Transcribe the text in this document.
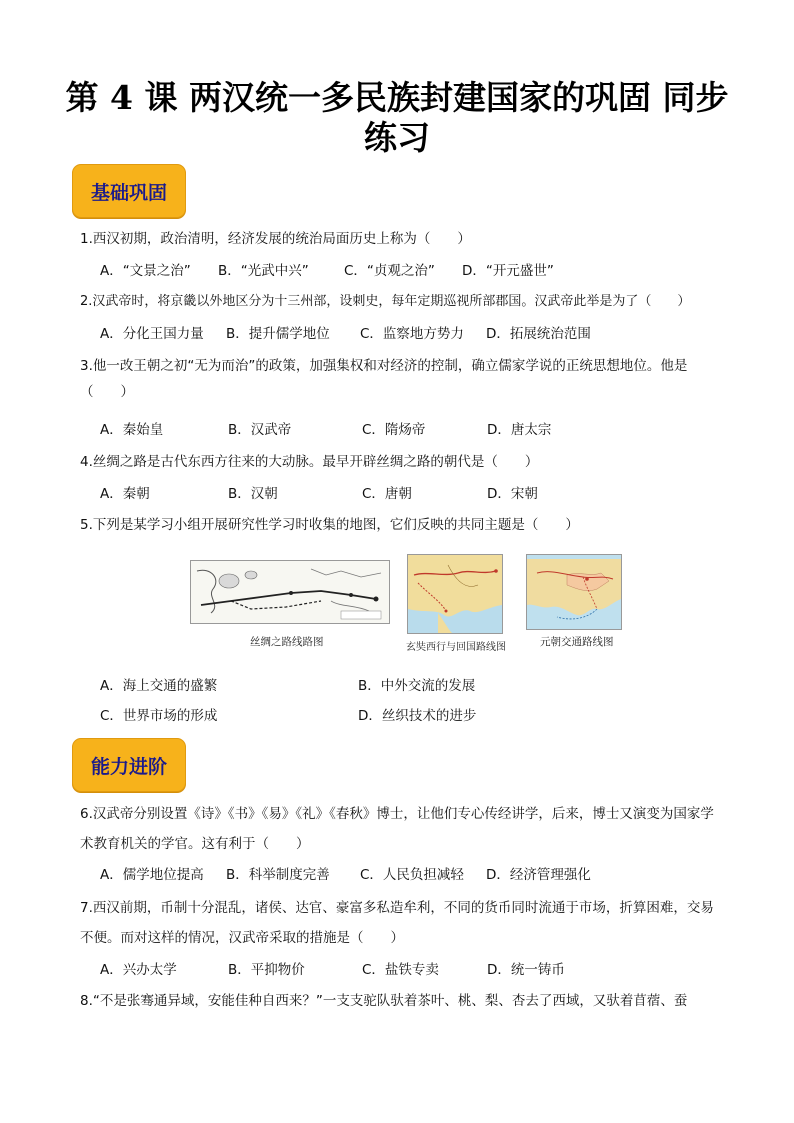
第 4 课 两汉统一多民族封建国家的巩固 同步
练习
基础巩固
1.西汉初期，政治清明，经济发展的统治局面历史上称为（　　）
A．“文景之治” B．“光武中兴”	C．“贞观之治” D．“开元盛世”
2.汉武帝时，将京畿以外地区分为十三州部，设刺史，每年定期巡视所部郡国。汉武帝此举是为了（　　）
A．分化王国力量 B．提升儒学地位 C．监察地方势力 D．拓展统治范围
3.他一改王朝之初“无为而治”的政策，加强集权和对经济的控制，确立儒家学说的正统思想地位。他是（　　）
A．秦始皇	B．汉武帝	C．隋炀帝	D．唐太宗
4.丝绸之路是古代东西方往来的大动脉。最早开辟丝绸之路的朝代是（　　）
A．秦朝	B．汉朝	C．唐朝	D．宋朝
5.下列是某学习小组开展研究性学习时收集的地图，它们反映的共同主题是（　　）
丝绸之路线路图	玄奘西行与回国路线图	元朝交通路线图
A．海上交通的盛繁	B．中外交流的发展
C．世界市场的形成	D．丝织技术的进步
能力进阶
6.汉武帝分别设置《诗》《书》《易》《礼》《春秋》博士，让他们专心传经讲学，后来，博士又演变为国家学术教育机关的学官。这有利于（　　）
A．儒学地位提高 B．科举制度完善 C．人民负担减轻 D．经济管理强化
7.西汉前期，币制十分混乱，诸侯、达官、豪富多私造牟利，不同的货币同时流通于市场，折算困难，交易不便。而对这样的情况，汉武帝采取的措施是（　　）
A．兴办太学	B．平抑物价	C．盐铁专卖	D．统一铸币
8.“不是张骞通异域，安能佳种自西来？”一支支驼队驮着茶叶、桃、梨、杏去了西域，又驮着苜蓿、蚕
